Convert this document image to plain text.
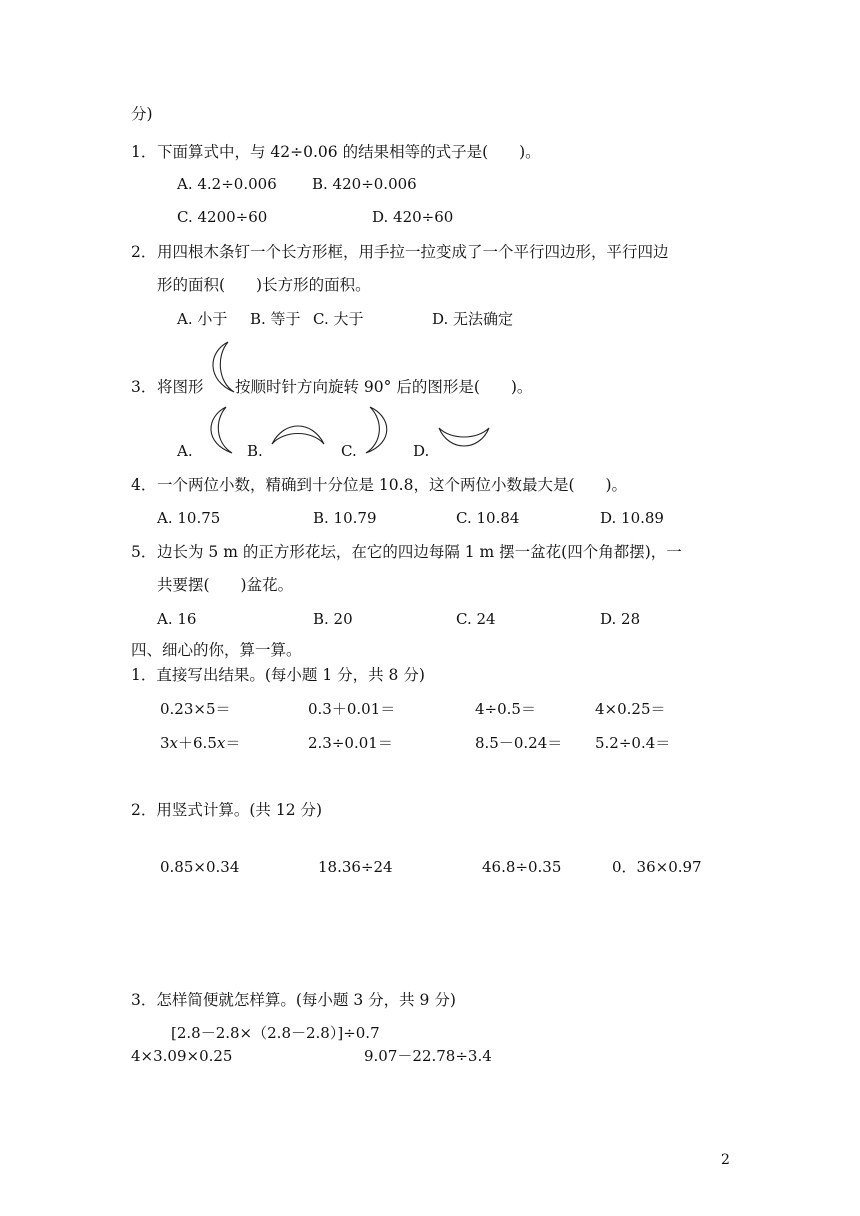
分)
1． 下面算式中，与 42÷0.06 的结果相等的式子是(　　)。
A. 4.2÷0.006 B. 420÷0.006
C. 4200÷60	D. 420÷60
2． 用四根木条钉一个长方形框，用手拉一拉变成了一个平行四边形，平行四边
形的面积(　　)长方形的面积。
A. 小于 B. 等于 C. 大于	D. 无法确定
3． 将图形 按顺时针方向旋转 90° 后的图形是(　　)。
A.	B.	C.	D.
4． 一个两位小数，精确到十分位是 10.8，这个两位小数最大是(　　)。
A. 10.75	B. 10.79	C. 10.84	D. 10.89
5． 边长为 5 m 的正方形花坛，在它的四边每隔 1 m 摆一盆花(四个角都摆)，一
共要摆(　　)盆花。
A. 16	B. 20	C. 24	D. 28
四、细心的你，算一算。
1．直接写出结果。(每小题 1 分，共 8 分)
0.23×5＝	0.3＋0.01＝	4÷0.5＝	4×0.25＝
3x＋6.5x＝	2.3÷0.01＝	8.5－0.24＝ 5.2÷0.4＝
2．用竖式计算。(共 12 分)
0.85×0.34	18.36÷24	46.8÷0.35	0．36×0.97
3．怎样简便就怎样算。(每小题 3 分，共 9 分)
[2.8－2.8×（2.8－2.8）]÷0.7
4×3.09×0.25	9.07－22.78÷3.4
2
